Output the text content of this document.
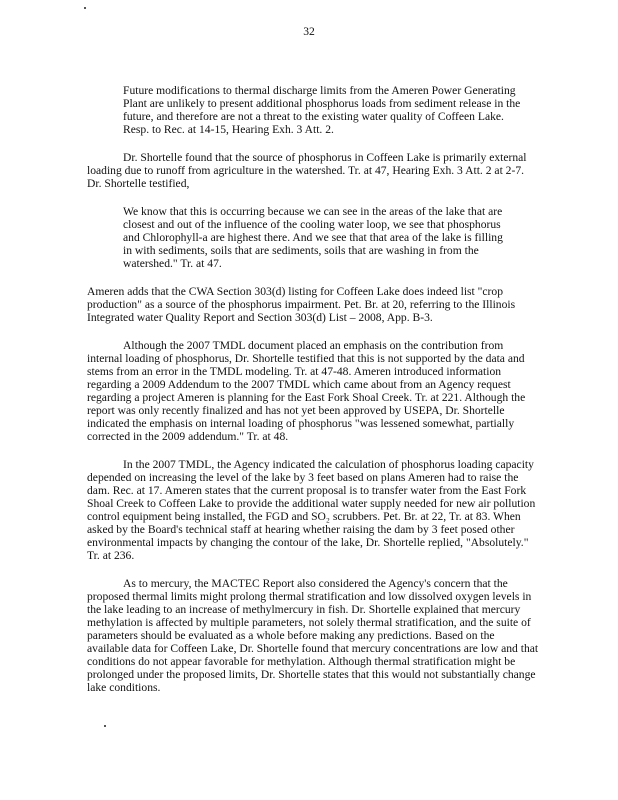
32
Future modifications to thermal discharge limits from the Ameren Power Generating
Plant are unlikely to present additional phosphorus loads from sediment release in the
future, and therefore are not a threat to the existing water quality of Coffeen Lake.
Resp. to Rec. at 14-15, Hearing Exh. 3 Att. 2.
Dr. Shortelle found that the source of phosphorus in Coffeen Lake is primarily external
loading due to runoff from agriculture in the watershed. Tr. at 47, Hearing Exh. 3 Att. 2 at 2-7.
Dr. Shortelle testified,
We know that this is occurring because we can see in the areas of the lake that are
closest and out of the influence of the cooling water loop, we see that phosphorus
and Chlorophyll-a are highest there. And we see that that area of the lake is filling
in with sediments, soils that are sediments, soils that are washing in from the
watershed." Tr. at 47.
Ameren adds that the CWA Section 303(d) listing for Coffeen Lake does indeed list "crop
production" as a source of the phosphorus impairment. Pet. Br. at 20, referring to the Illinois
Integrated water Quality Report and Section 303(d) List – 2008, App. B-3.
Although the 2007 TMDL document placed an emphasis on the contribution from
internal loading of phosphorus, Dr. Shortelle testified that this is not supported by the data and
stems from an error in the TMDL modeling. Tr. at 47-48. Ameren introduced information
regarding a 2009 Addendum to the 2007 TMDL which came about from an Agency request
regarding a project Ameren is planning for the East Fork Shoal Creek. Tr. at 221. Although the
report was only recently finalized and has not yet been approved by USEPA, Dr. Shortelle
indicated the emphasis on internal loading of phosphorus "was lessened somewhat, partially
corrected in the 2009 addendum." Tr. at 48.
In the 2007 TMDL, the Agency indicated the calculation of phosphorus loading capacity
depended on increasing the level of the lake by 3 feet based on plans Ameren had to raise the
dam. Rec. at 17. Ameren states that the current proposal is to transfer water from the East Fork
Shoal Creek to Coffeen Lake to provide the additional water supply needed for new air pollution
control equipment being installed, the FGD and SO₂ scrubbers. Pet. Br. at 22, Tr. at 83. When
asked by the Board's technical staff at hearing whether raising the dam by 3 feet posed other
environmental impacts by changing the contour of the lake, Dr. Shortelle replied, "Absolutely."
Tr. at 236.
As to mercury, the MACTEC Report also considered the Agency's concern that the
proposed thermal limits might prolong thermal stratification and low dissolved oxygen levels in
the lake leading to an increase of methylmercury in fish. Dr. Shortelle explained that mercury
methylation is affected by multiple parameters, not solely thermal stratification, and the suite of
parameters should be evaluated as a whole before making any predictions. Based on the
available data for Coffeen Lake, Dr. Shortelle found that mercury concentrations are low and that
conditions do not appear favorable for methylation. Although thermal stratification might be
prolonged under the proposed limits, Dr. Shortelle states that this would not substantially change
lake conditions.
